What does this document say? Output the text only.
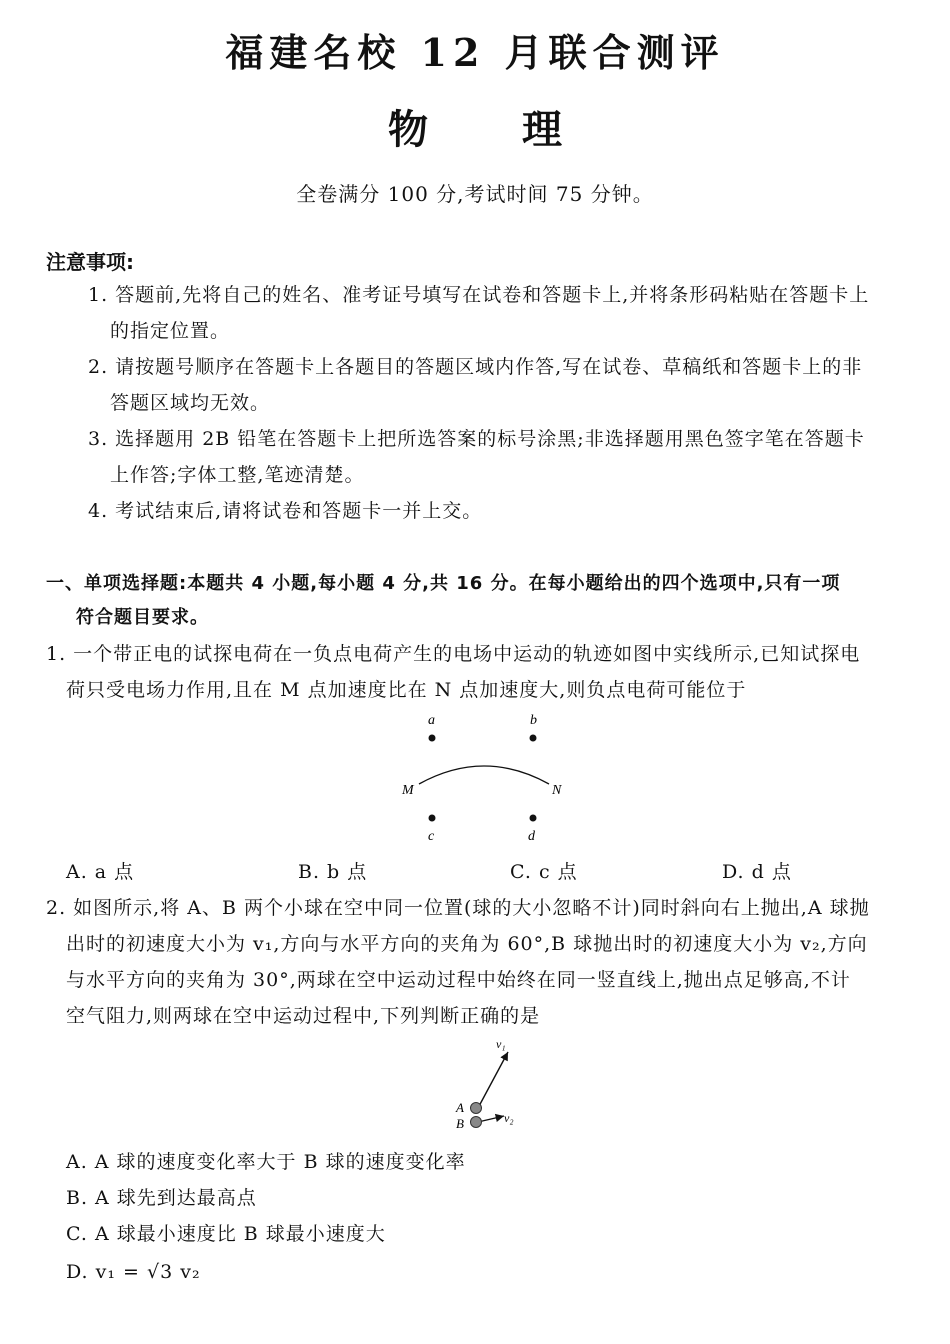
福建名校 12 月联合测评
物 理
全卷满分 100 分,考试时间 75 分钟。
注意事项:
1. 答题前,先将自己的姓名、准考证号填写在试卷和答题卡上,并将条形码粘贴在答题卡上
的指定位置。
2. 请按题号顺序在答题卡上各题目的答题区域内作答,写在试卷、草稿纸和答题卡上的非
答题区域均无效。
3. 选择题用 2B 铅笔在答题卡上把所选答案的标号涂黑;非选择题用黑色签字笔在答题卡
上作答;字体工整,笔迹清楚。
4. 考试结束后,请将试卷和答题卡一并上交。
一、单项选择题:本题共 4 小题,每小题 4 分,共 16 分。在每小题给出的四个选项中,只有一项
符合题目要求。
1. 一个带正电的试探电荷在一负点电荷产生的电场中运动的轨迹如图中实线所示,已知试探电
荷只受电场力作用,且在 M 点加速度比在 N 点加速度大,则负点电荷可能位于
a	b
M	N
c	d
A. a 点	B. b 点	C. c 点	D. d 点
2. 如图所示,将 A、B 两个小球在空中同一位置(球的大小忽略不计)同时斜向右上抛出,A 球抛
出时的初速度大小为 v₁,方向与水平方向的夹角为 60°,B 球抛出时的初速度大小为 v₂,方向
与水平方向的夹角为 30°,两球在空中运动过程中始终在同一竖直线上,抛出点足够高,不计
空气阻力,则两球在空中运动过程中,下列判断正确的是
v₁
v₂
A
B
A. A 球的速度变化率大于 B 球的速度变化率
B. A 球先到达最高点
C. A 球最小速度比 B 球最小速度大
D. v₁ = √3 v₂
